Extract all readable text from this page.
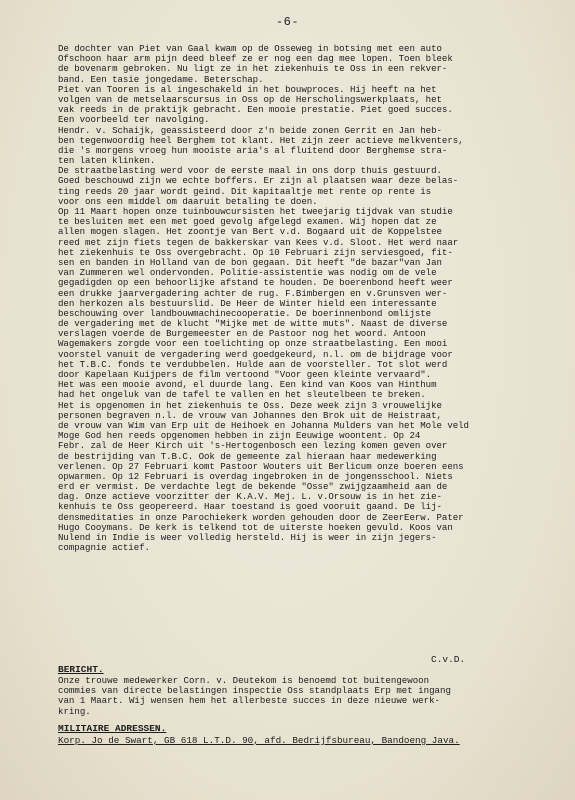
-6-
De dochter van Piet van Gaal kwam op de Osseweg in botsing met een auto
Ofschoon haar arm pijn deed bleef ze er nog een dag mee lopen. Toen bleek
de bovenarm gebroken. Nu ligt ze in het ziekenhuis te Oss in een rekver-
band. Een tasie jongedame. Beterschap.
Piet van Tooren is al ingeschakeld in het bouwproces. Hij heeft na het
volgen van de metselaarscursus in Oss op de Herscholingswerkplaats, het
vak reeds in de praktijk gebracht. Een mooie prestatie. Piet goed succes.
Een voorbeeld ter navolging.
Hendr. v. Schaijk, geassisteerd door z'n beide zonen Gerrit en Jan heb-
ben tegenwoordig heel Berghem tot klant. Het zijn zeer actieve melkventers,
die 's morgens vroeg hun mooiste aria's al fluitend door Berghemse stra-
ten laten klinken.
De straatbelasting werd voor de eerste maal in ons dorp thuis gestuurd.
Goed beschouwd zijn we echte boffers. Er zijn al plaatsen waar deze belas-
ting reeds 20 jaar wordt geind. Dit kapitaaltje met rente op rente is
voor ons een middel om daaruit betaling te doen.
Op 11 Maart hopen onze tuinbouwcursisten het tweejarig tijdvak van studie
te besluiten met een met goed gevolg afgelegd examen. Wij hopen dat ze
allen mogen slagen. Het zoontje van Bert v.d. Bogaard uit de Koppelstee
reed met zijn fiets tegen de bakkerskar van Kees v.d. Sloot. Het werd naar
het ziekenhuis te Oss overgebracht. Op 10 Februari zijn serviesgoed, fit-
sen en banden in Holland van de bon gegaan. Dit heeft "de bazar"van Jan
van Zummeren wel ondervonden. Politie-assistentie was nodig om de vele
gegadigden op een behoorlijke afstand te houden. De boerenbond heeft weer
een drukke jaarvergadering achter de rug. F.Bimbergen en v.Grunsven wer-
den herkozen als bestuurslid. De Heer de Winter hield een interessante
beschouwing over landbouwmachinecooperatie. De boerinnenbond omlijste
de vergadering met de klucht "Mijke met de witte muts". Naast de diverse
verslagen voerde de Burgemeester en de Pastoor nog het woord. Antoon
Wagemakers zorgde voor een toelichting op onze straatbelasting. Een mooi
voorstel vanuit de vergadering werd goedgekeurd, n.l. om de bijdrage voor
het T.B.C. fonds te verdubbelen. Hulde aan de voorsteller. Tot slot werd
door Kapelaan Kuijpers de film vertoond "Voor geen kleinte vervaard".
Het was een mooie avond, el duurde lang. Een kind van Koos van Hinthum
had het ongeluk van de tafel te vallen en het sleutelbeen te breken.
Het is opgenomen in het ziekenhuis te Oss. Deze week zijn 3 vrouwelijke
personen begraven n.l. de vrouw van Johannes den Brok uit de Heistraat,
de vrouw van Wim van Erp uit de Heihoek en Johanna Mulders van het Mole veld
Moge God hen reeds opgenomen hebben in zijn Eeuwige woontent. Op 24
Febr. zal de Heer Kirch uit 's-Hertogenbosch een lezing komen geven over
de bestrijding van T.B.C. Ook de gemeente zal hieraan haar medewerking
verlenen. Op 27 Februari komt Pastoor Wouters uit Berlicum onze boeren eens
opwarmen. Op 12 Februari is overdag ingebroken in de jongensschool. Niets
erd er vermist. De verdachte legt de bekende "Osse" zwijgzaamheid aan de
dag. Onze actieve voorzitter der K.A.V. Mej. L. v.Orsouw is in het zie-
kenhuis te Oss geopereerd. Haar toestand is goed vooruit gaand. De lij-
densmeditaties in onze Parochiekerk worden gehouden door de ZeerEerw. Pater
Hugo Cooymans. De kerk is telkend tot de uiterste hoeken gevuld. Koos van
Nulend in Indie is weer volledig hersteld. Hij is weer in zijn jegers-
compagnie actief.
C.v.D.
BERICHT.
Onze trouwe medewerker Corn. v. Deutekom is benoemd tot buitengewoon
commies van directe belastingen inspectie Oss standplaats Erp met ingang
van 1 Maart. Wij wensen hem het allerbeste succes in deze nieuwe werk-
kring.
MILITAIRE ADRESSEN.
Korp. Jo de Swart, GB 618 L.T.D. 90, afd. Bedrijfsbureau, Bandoeng Java.
